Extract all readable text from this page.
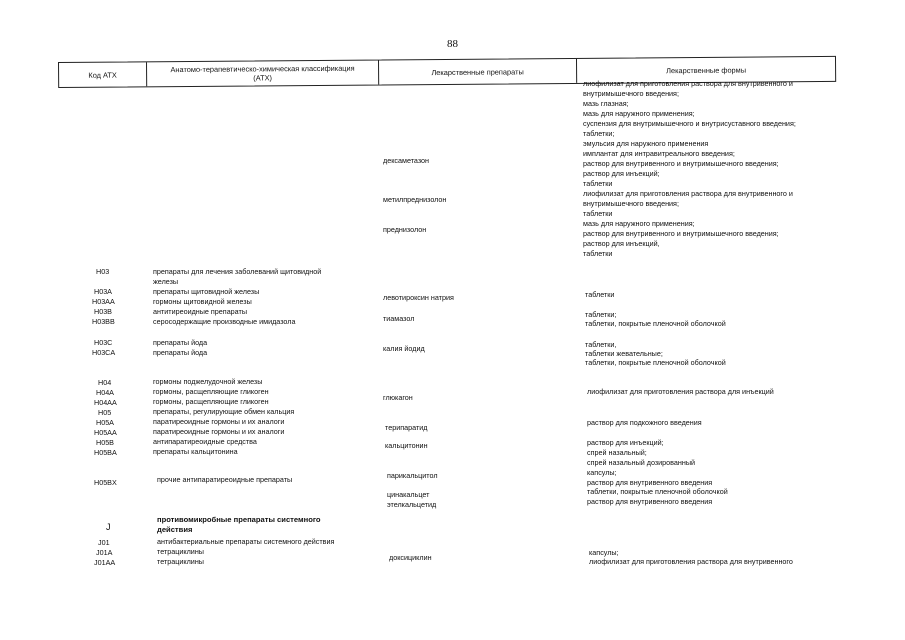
88
Код АТХ
Анатомо-терапевтическо-химическая классификация (АТХ)
Лекарственные препараты	Лекарственные формы
H03
H03A
H03AA
H03B
H03BB
H03C
H03CA
H04
H04A
H04AA
H05
H05A
H05AA
H05B
H05BA
H05BX
J
J01
J01A
J01AA
препараты для лечения заболеваний щитовидной
железы
препараты щитовидной железы
гормоны щитовидной железы
антитиреоидные препараты
серосодержащие производные имидазола
препараты йода
препараты йода
гормоны поджелудочной железы
гормоны, расщепляющие гликоген
гормоны, расщепляющие гликоген
препараты, регулирующие обмен кальция
паратиреоидные гормоны и их аналоги
паратиреоидные гормоны и их аналоги
антипаратиреоидные средства
препараты кальцитонина
прочие антипаратиреоидные препараты
противомикробные препараты системного
действия
антибактериальные препараты системного действия
тетрациклины
тетрациклины
дексаметазон
метилпреднизолон
преднизолон
левотироксин натрия
тиамазол
калия йодид
глюкагон
терипаратид
кальцитонин
парикальцитол
цинакальцет
этелкальцетид
доксициклин
лиофилизат для приготовления раствора для внутривенного и
внутримышечного введения;
мазь глазная;
мазь для наружного применения;
суспензия для внутримышечного и внутрисуставного введения;
таблетки;
эмульсия для наружного применения
имплантат для интравитреального введения;
раствор для внутривенного и внутримышечного введения;
раствор для инъекций;
таблетки
лиофилизат для приготовления раствора для внутривенного и
внутримышечного введения;
таблетки
мазь для наружного применения;
раствор для внутривенного и внутримышечного введения;
раствор для инъекций,
таблетки
таблетки
таблетки;
таблетки, покрытые пленочной оболочкой
таблетки,
таблетки жевательные;
таблетки, покрытые пленочной оболочкой
лиофилизат для приготовления раствора для инъекций
раствор для подкожного введения
раствор для инъекций;
спрей назальный;
спрей назальный дозированный
капсулы;
раствор для внутривенного введения
таблетки, покрытые пленочной оболочкой
раствор для внутривенного введения
капсулы;
лиофилизат для приготовления раствора для внутривенного
